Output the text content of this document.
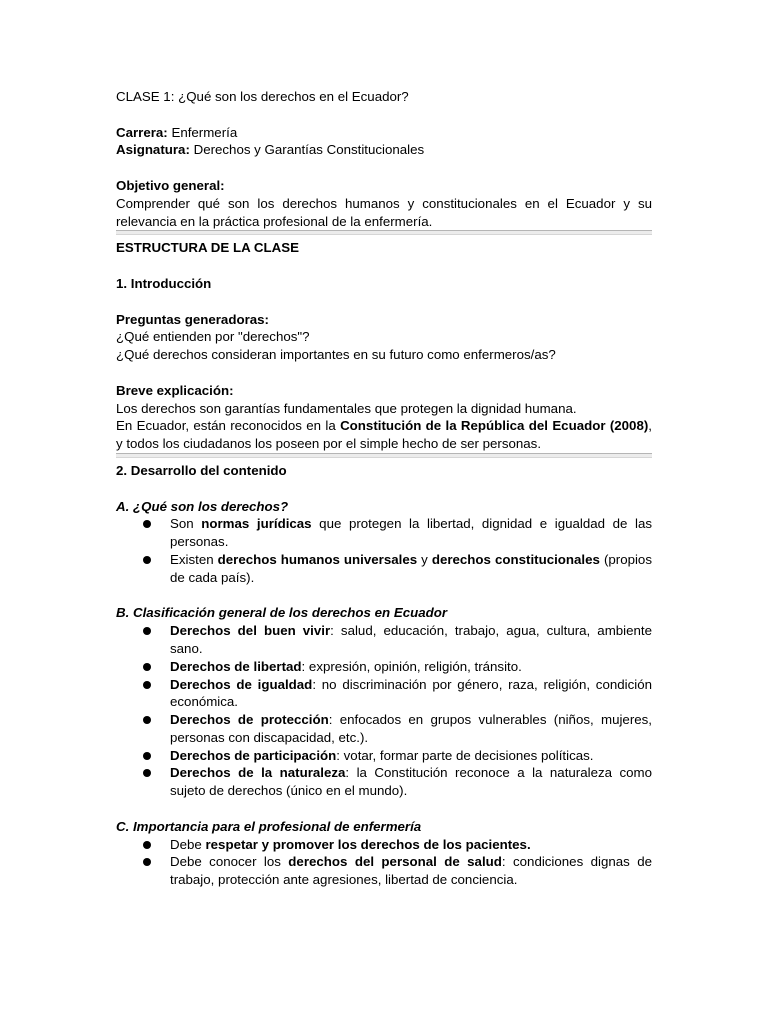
CLASE 1: ¿Qué son los derechos en el Ecuador?

Carrera: Enfermería

Asignatura: Derechos y Garantías Constitucionales

Objetivo general:

Comprender qué son los derechos humanos y constitucionales en el Ecuador y su relevancia en la práctica profesional de la enfermería.

ESTRUCTURA DE LA CLASE

1. Introducción

Preguntas generadoras:

¿Qué entienden por "derechos"?

¿Qué derechos consideran importantes en su futuro como enfermeros/as?

Breve explicación:

Los derechos son garantías fundamentales que protegen la dignidad humana.

En Ecuador, están reconocidos en la Constitución de la República del Ecuador (2008), y todos los ciudadanos los poseen por el simple hecho de ser personas.

2. Desarrollo del contenido

A. ¿Qué son los derechos?

Son normas jurídicas que protegen la libertad, dignidad e igualdad de las personas.
Existen derechos humanos universales y derechos constitucionales (propios de cada país).

B. Clasificación general de los derechos en Ecuador

Derechos del buen vivir: salud, educación, trabajo, agua, cultura, ambiente sano.
Derechos de libertad: expresión, opinión, religión, tránsito.
Derechos de igualdad: no discriminación por género, raza, religión, condición económica.
Derechos de protección: enfocados en grupos vulnerables (niños, mujeres, personas con discapacidad, etc.).
Derechos de participación: votar, formar parte de decisiones políticas.
Derechos de la naturaleza: la Constitución reconoce a la naturaleza como sujeto de derechos (único en el mundo).

C. Importancia para el profesional de enfermería

Debe respetar y promover los derechos de los pacientes.
Debe conocer los derechos del personal de salud: condiciones dignas de trabajo, protección ante agresiones, libertad de conciencia.
